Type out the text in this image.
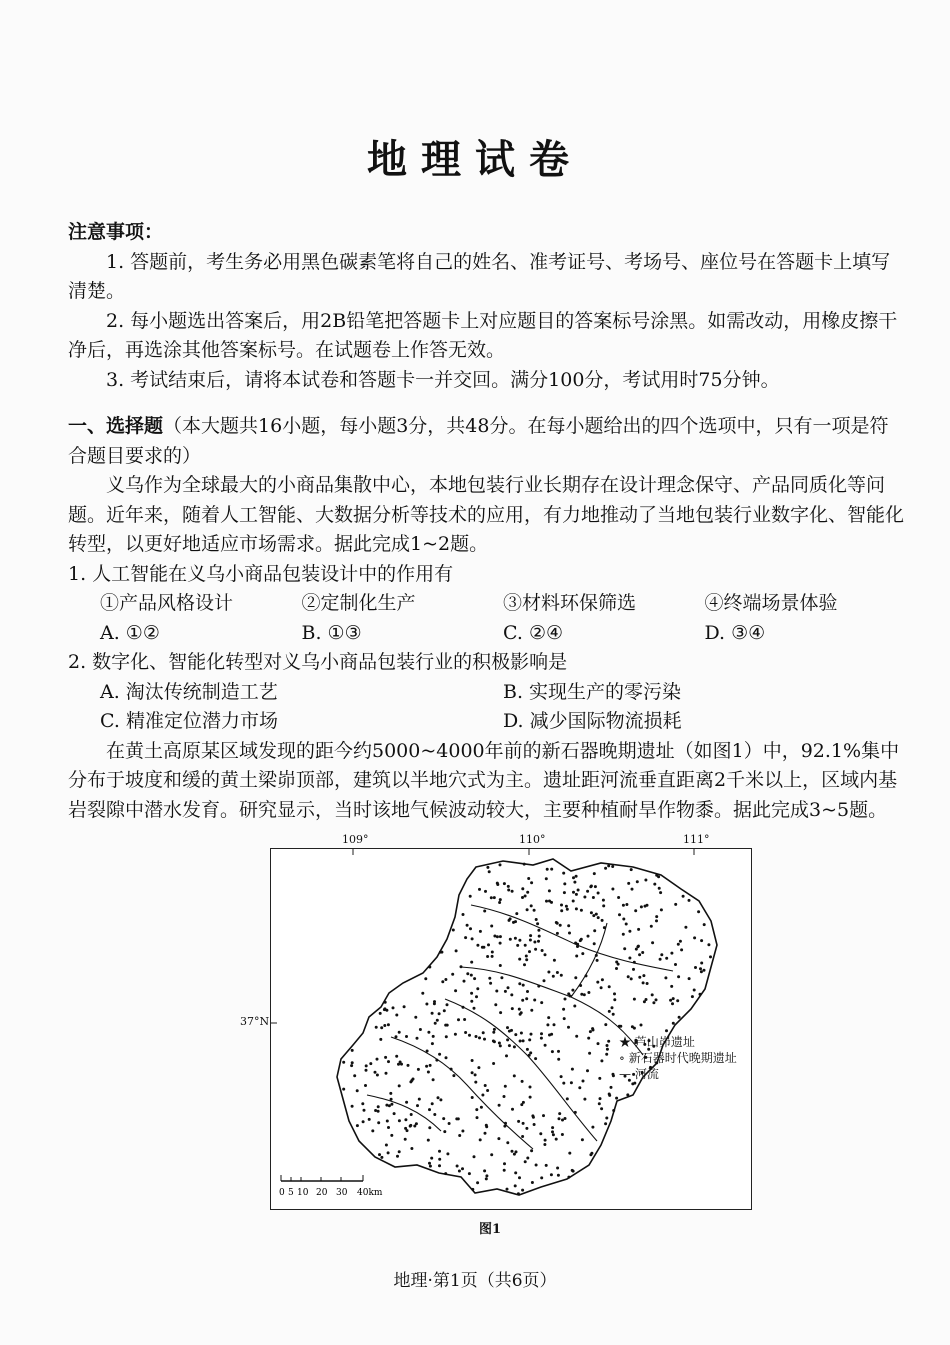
地理试卷
注意事项：
1. 答题前，考生务必用黑色碳素笔将自己的姓名、准考证号、考场号、座位号在答题卡上填写清楚。
2. 每小题选出答案后，用2B铅笔把答题卡上对应题目的答案标号涂黑。如需改动，用橡皮擦干净后，再选涂其他答案标号。在试题卷上作答无效。
3. 考试结束后，请将本试卷和答题卡一并交回。满分100分，考试用时75分钟。
一、选择题（本大题共16小题，每小题3分，共48分。在每小题给出的四个选项中，只有一项是符合题目要求的）
义乌作为全球最大的小商品集散中心，本地包装行业长期存在设计理念保守、产品同质化等问题。近年来，随着人工智能、大数据分析等技术的应用，有力地推动了当地包装行业数字化、智能化转型，以更好地适应市场需求。据此完成1~2题。
1. 人工智能在义乌小商品包装设计中的作用有
①产品风格设计	②定制化生产	③材料环保筛选	④终端场景体验
A. ①②	B. ①③	C. ②④	D. ③④
2. 数字化、智能化转型对义乌小商品包装行业的积极影响是
A. 淘汰传统制造工艺	B. 实现生产的零污染
C. 精准定位潜力市场	D. 减少国际物流损耗
在黄土高原某区域发现的距今约5000~4000年前的新石器晚期遗址（如图1）中，92.1%集中分布于坡度和缓的黄土梁峁顶部，建筑以半地穴式为主。遗址距河流垂直距离2千米以上，区域内基岩裂隙中潜水发育。研究显示，当时该地气候波动较大，主要种植耐旱作物黍。据此完成3~5题。
109°	110°	111°
37°N
0 5 10 20 30 40km
★ 芦山峁遗址
∘ 新石器时代晚期遗址
— 河流
图1
地理·第1页（共6页）
